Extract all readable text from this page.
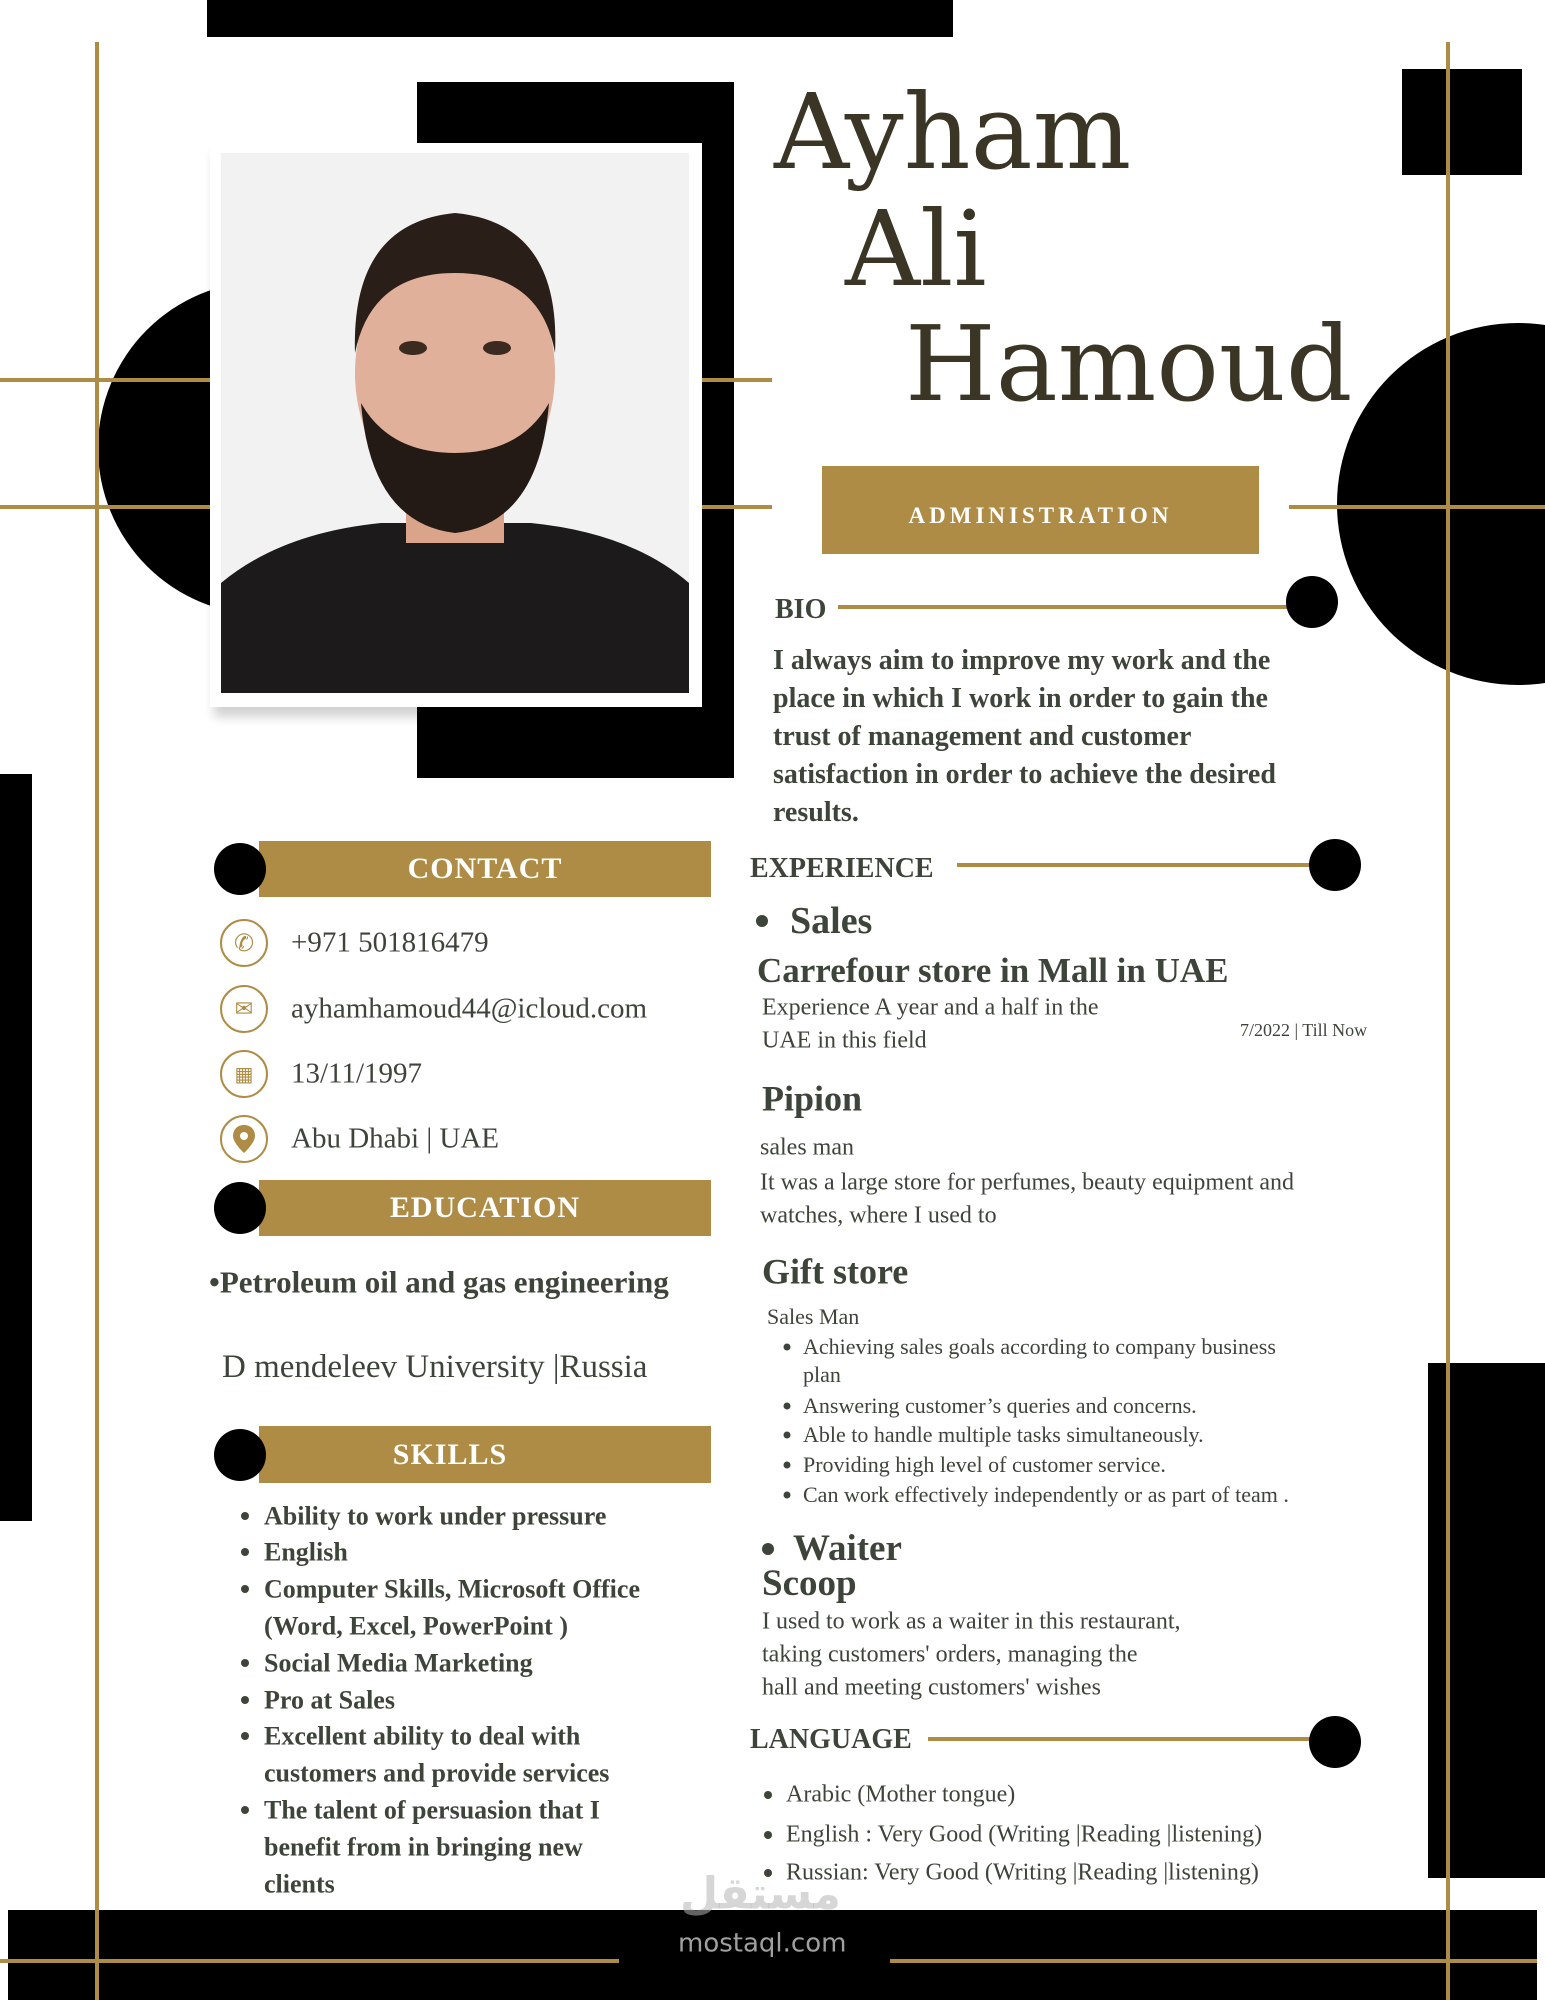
Ayham
Ali
Hamoud
ADMINISTRATION
BIO
I always aim to improve my work and the
place in which I work in order to gain the
trust of management and customer
satisfaction in order to achieve the desired
results.
CONTACT
✆ +971 501816479
✉ ayhamhamoud44@icloud.com
▦ 13/11/1997
Abu Dhabi | UAE
EDUCATION
•Petroleum oil and gas engineering
D mendeleev University |Russia
SKILLS
Ability to work under pressure
English
Computer Skills, Microsoft Office
(Word, Excel, PowerPoint )
Social Media Marketing
Pro at Sales
Excellent ability to deal with
customers and provide services
The talent of persuasion that I
benefit from in bringing new
clients
EXPERIENCE
Sales
Carrefour store in Mall in UAE
Experience A year and a half in the
UAE in this field	7/2022 | Till Now
Pipion
sales man
It was a large store for perfumes, beauty equipment and
watches, where I used to
Gift store
Sales Man
Achieving sales goals according to company business
plan
Answering customer’s queries and concerns.
Able to handle multiple tasks simultaneously.
Providing high level of customer service.
Can work effectively independently or as part of team .
Waiter
Scoop
I used to work as a waiter in this restaurant,
taking customers' orders, managing the
hall and meeting customers' wishes
LANGUAGE
Arabic (Mother tongue)
English : Very Good (Writing |Reading |listening)
Russian: Very Good (Writing |Reading |listening)
مستقل
mostaql.com
